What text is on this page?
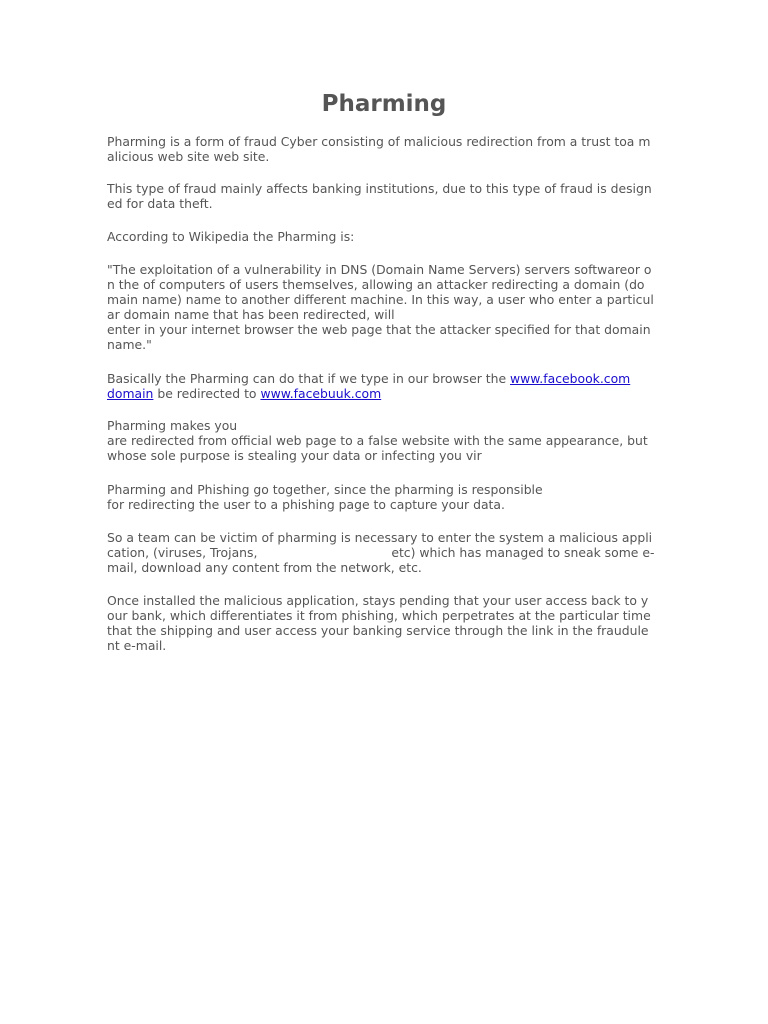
Pharming

Pharming is a form of fraud Cyber consisting of malicious redirection from a trust toa m
alicious web site web site.

This type of fraud mainly affects banking institutions, due to this type of fraud is design
ed for data theft.

According to Wikipedia the Pharming is:

"The exploitation of a vulnerability in DNS (Domain Name Servers) servers softwareor o
n the of computers of users themselves, allowing an attacker redirecting a domain (do
main name) name to another different machine. In this way, a user who enter a particul
ar domain name that has been redirected, will
enter in your internet browser the web page that the attacker specified for that domain
name."

Basically the Pharming can do that if we type in our browser the www.facebook.com
domain be redirected to www.facebuuk.com

Pharming makes you
are redirected from official web page to a false website with the same appearance, but
whose sole purpose is stealing your data or infecting you vir

Pharming and Phishing go together, since the pharming is responsible
for redirecting the user to a phishing page to capture your data.

So a team can be victim of pharming is necessary to enter the system a malicious appli
cation, (viruses, Trojans,                                  etc) which has managed to sneak some e-
mail, download any content from the network, etc.

Once installed the malicious application, stays pending that your user access back to y
our bank, which differentiates it from phishing, which perpetrates at the particular time
that the shipping and user access your banking service through the link in the fraudule
nt e-mail.
